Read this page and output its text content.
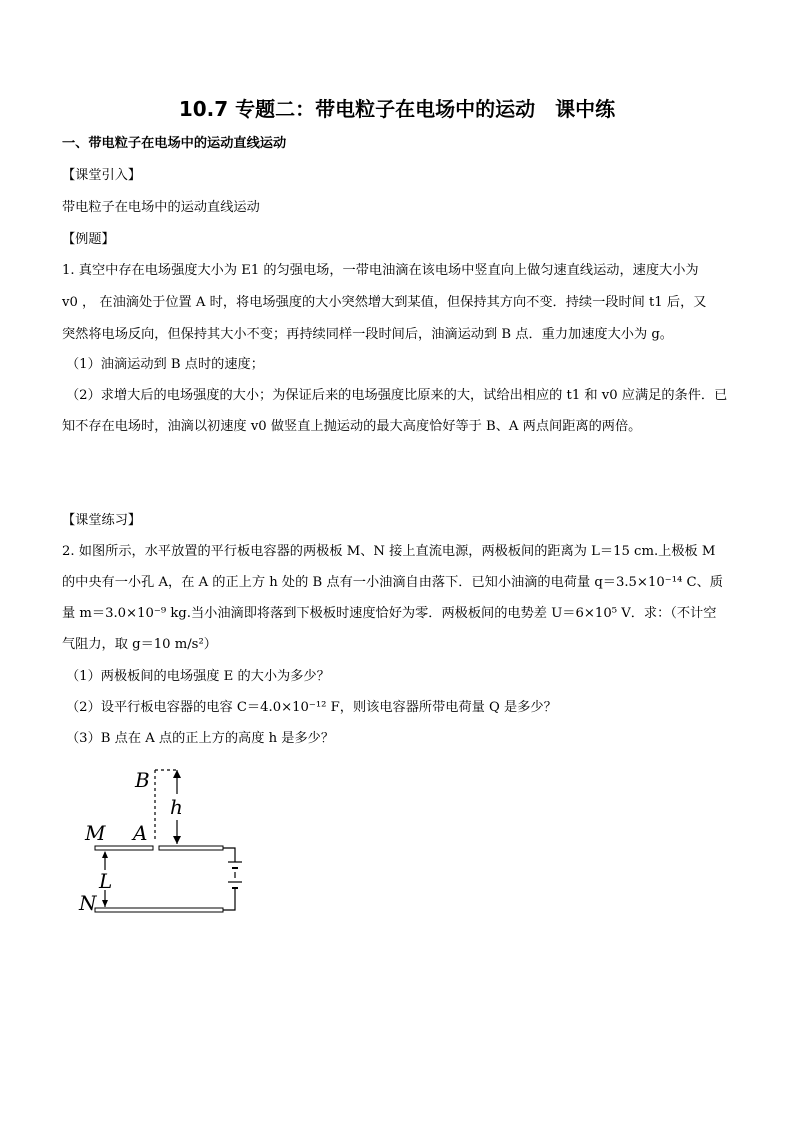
10.7 专题二：带电粒子在电场中的运动　课中练
一、带电粒子在电场中的运动直线运动
【课堂引入】
带电粒子在电场中的运动直线运动
【例题】
1. 真空中存在电场强度大小为 E1 的匀强电场，一带电油滴在该电场中竖直向上做匀速直线运动，速度大小为
v0 ， 在油滴处于位置 A 时，将电场强度的大小突然增大到某值，但保持其方向不变．持续一段时间 t1 后，又
突然将电场反向，但保持其大小不变；再持续同样一段时间后，油滴运动到 B 点．重力加速度大小为 g。
（1）油滴运动到 B 点时的速度；
（2）求增大后的电场强度的大小；为保证后来的电场强度比原来的大，试给出相应的 t1 和 v0 应满足的条件．已
知不存在电场时，油滴以初速度 v0 做竖直上抛运动的最大高度恰好等于 B、A 两点间距离的两倍。
【课堂练习】
2. 如图所示，水平放置的平行板电容器的两极板 M、N 接上直流电源，两极板间的距离为 L＝15 cm.上极板 M
的中央有一小孔 A，在 A 的正上方 h 处的 B 点有一小油滴自由落下．已知小油滴的电荷量 q＝3.5×10⁻¹⁴ C、质
量 m＝3.0×10⁻⁹ kg.当小油滴即将落到下极板时速度恰好为零．两极板间的电势差 U＝6×10⁵ V．求：（不计空
气阻力，取 g＝10 m/s²）
（1）两极板间的电场强度 E 的大小为多少？
（2）设平行板电容器的电容 C＝4.0×10⁻¹² F，则该电容器所带电荷量 Q 是多少？
（3）B 点在 A 点的正上方的高度 h 是多少？
B
h
M A
L
N
